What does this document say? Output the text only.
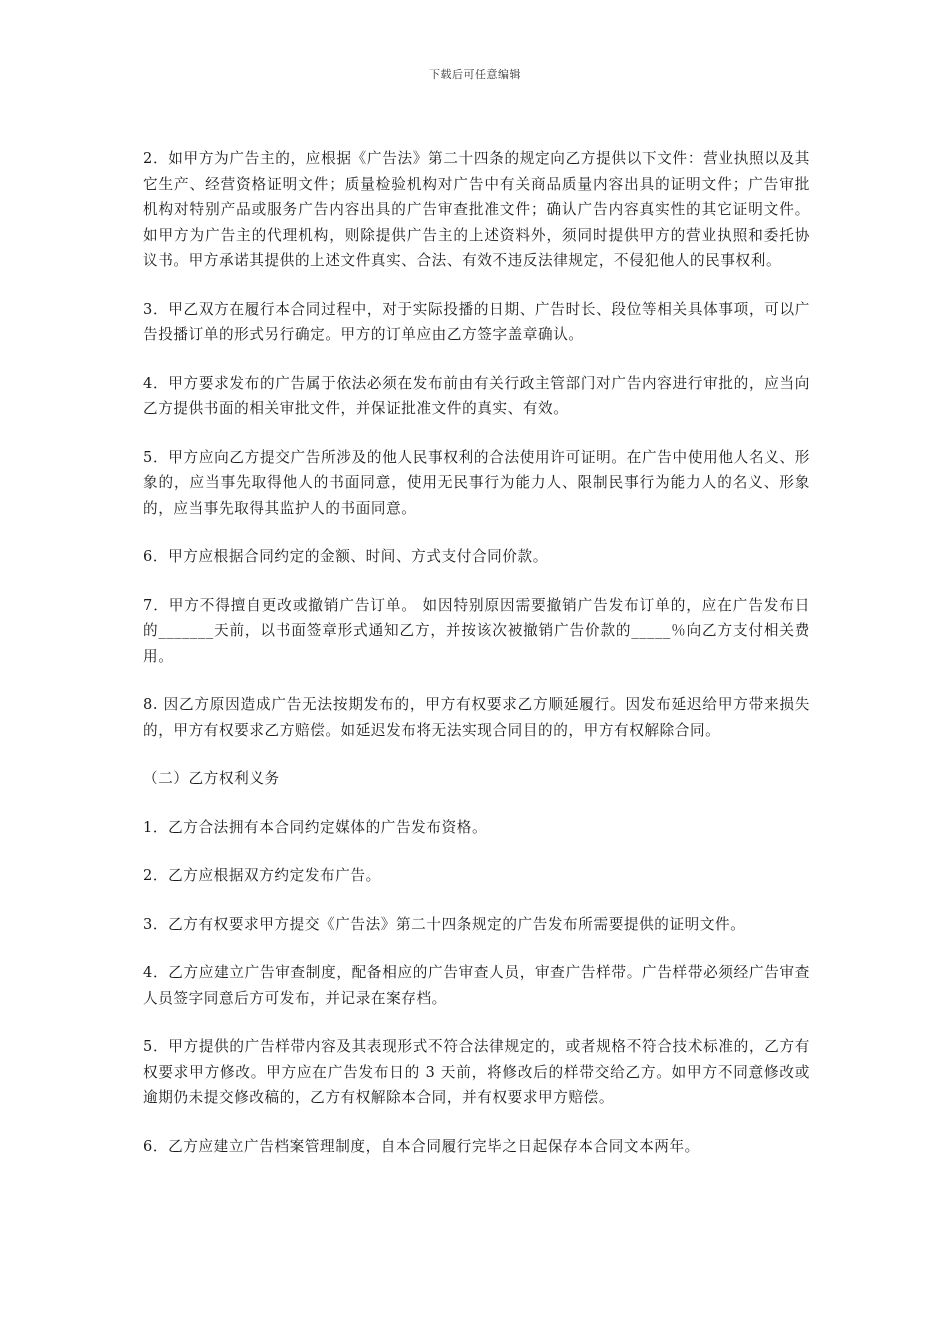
下载后可任意编辑

2．如甲方为广告主的，应根据《广告法》第二十四条的规定向乙方提供以下文件：营业执照以及其它生产、经营资格证明文件；质量检验机构对广告中有关商品质量内容出具的证明文件；广告审批机构对特别产品或服务广告内容出具的广告审查批准文件；确认广告内容真实性的其它证明文件。如甲方为广告主的代理机构，则除提供广告主的上述资料外，须同时提供甲方的营业执照和委托协议书。甲方承诺其提供的上述文件真实、合法、有效不违反法律规定，不侵犯他人的民事权利。

3．甲乙双方在履行本合同过程中，对于实际投播的日期、广告时长、段位等相关具体事项，可以广告投播订单的形式另行确定。甲方的订单应由乙方签字盖章确认。

4．甲方要求发布的广告属于依法必须在发布前由有关行政主管部门对广告内容进行审批的，应当向乙方提供书面的相关审批文件，并保证批准文件的真实、有效。

5．甲方应向乙方提交广告所涉及的他人民事权利的合法使用许可证明。在广告中使用他人名义、形象的，应当事先取得他人的书面同意，使用无民事行为能力人、限制民事行为能力人的名义、形象的，应当事先取得其监护人的书面同意。

6．甲方应根据合同约定的金额、时间、方式支付合同价款。

7．甲方不得擅自更改或撤销广告订单。 如因特别原因需要撤销广告发布订单的，应在广告发布日的_______天前，以书面签章形式通知乙方，并按该次被撤销广告价款的_____％向乙方支付相关费用。

8. 因乙方原因造成广告无法按期发布的，甲方有权要求乙方顺延履行。因发布延迟给甲方带来损失的，甲方有权要求乙方赔偿。如延迟发布将无法实现合同目的的，甲方有权解除合同。

（二）乙方权利义务

1．乙方合法拥有本合同约定媒体的广告发布资格。

2．乙方应根据双方约定发布广告。

3．乙方有权要求甲方提交《广告法》第二十四条规定的广告发布所需要提供的证明文件。

4．乙方应建立广告审查制度，配备相应的广告审查人员，审查广告样带。广告样带必须经广告审查人员签字同意后方可发布，并记录在案存档。

5．甲方提供的广告样带内容及其表现形式不符合法律规定的，或者规格不符合技术标准的，乙方有权要求甲方修改。甲方应在广告发布日的 3 天前，将修改后的样带交给乙方。如甲方不同意修改或逾期仍未提交修改稿的，乙方有权解除本合同，并有权要求甲方赔偿。

6．乙方应建立广告档案管理制度，自本合同履行完毕之日起保存本合同文本两年。
